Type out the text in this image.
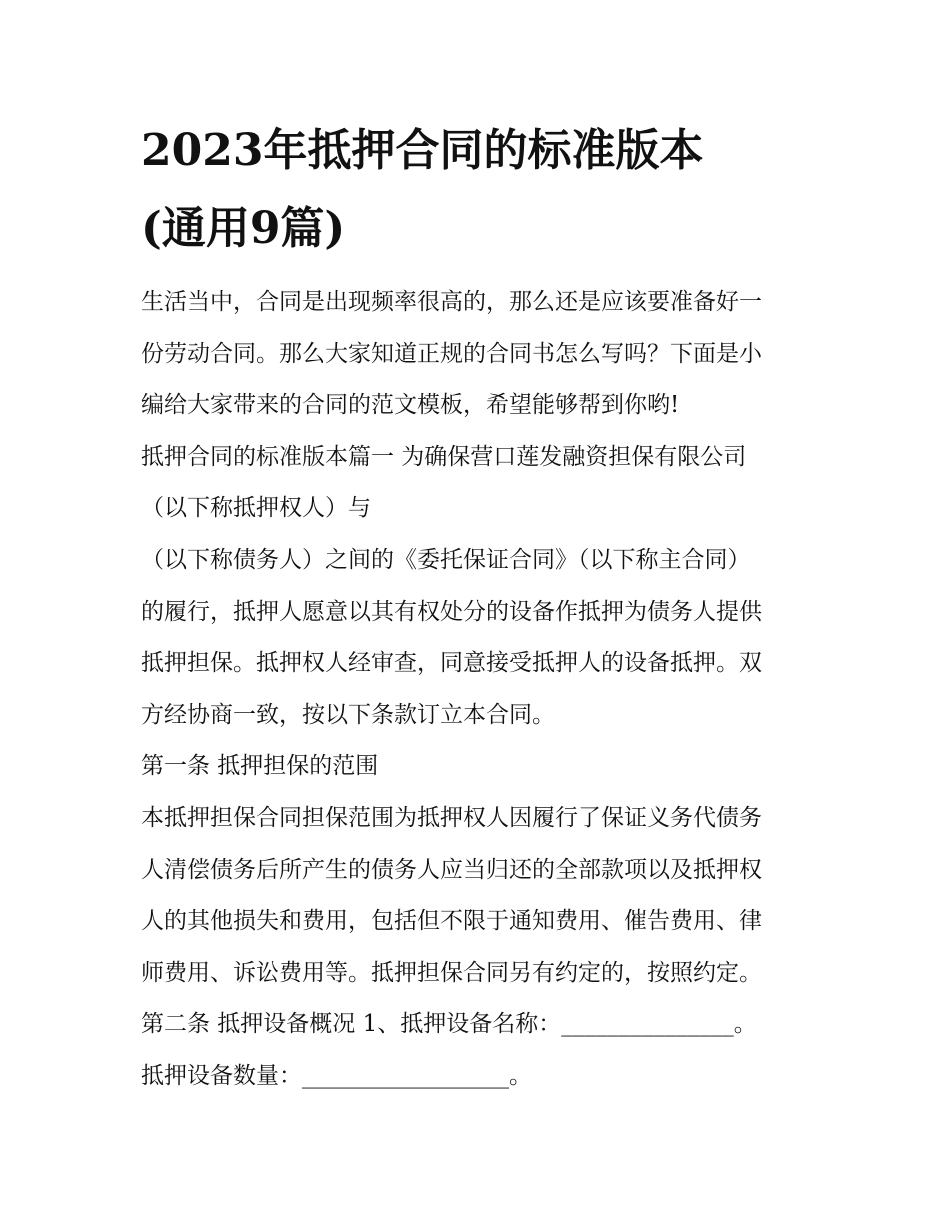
2023年抵押合同的标准版本
(通用9篇)
生活当中，合同是出现频率很高的，那么还是应该要准备好一
份劳动合同。那么大家知道正规的合同书怎么写吗？下面是小
编给大家带来的合同的范文模板，希望能够帮到你哟!
抵押合同的标准版本篇一 为确保营口莲发融资担保有限公司
（以下称抵押权人）与
（以下称债务人）之间的《委托保证合同》（以下称主合同）
的履行，抵押人愿意以其有权处分的设备作抵押为债务人提供
抵押担保。抵押权人经审查，同意接受抵押人的设备抵押。双
方经协商一致，按以下条款订立本合同。
第一条 抵押担保的范围
本抵押担保合同担保范围为抵押权人因履行了保证义务代债务
人清偿债务后所产生的债务人应当归还的全部款项以及抵押权
人的其他损失和费用，包括但不限于通知费用、催告费用、律
师费用、诉讼费用等。抵押担保合同另有约定的，按照约定。
第二条 抵押设备概况 1、抵押设备名称：_______________。
抵押设备数量：__________________。
